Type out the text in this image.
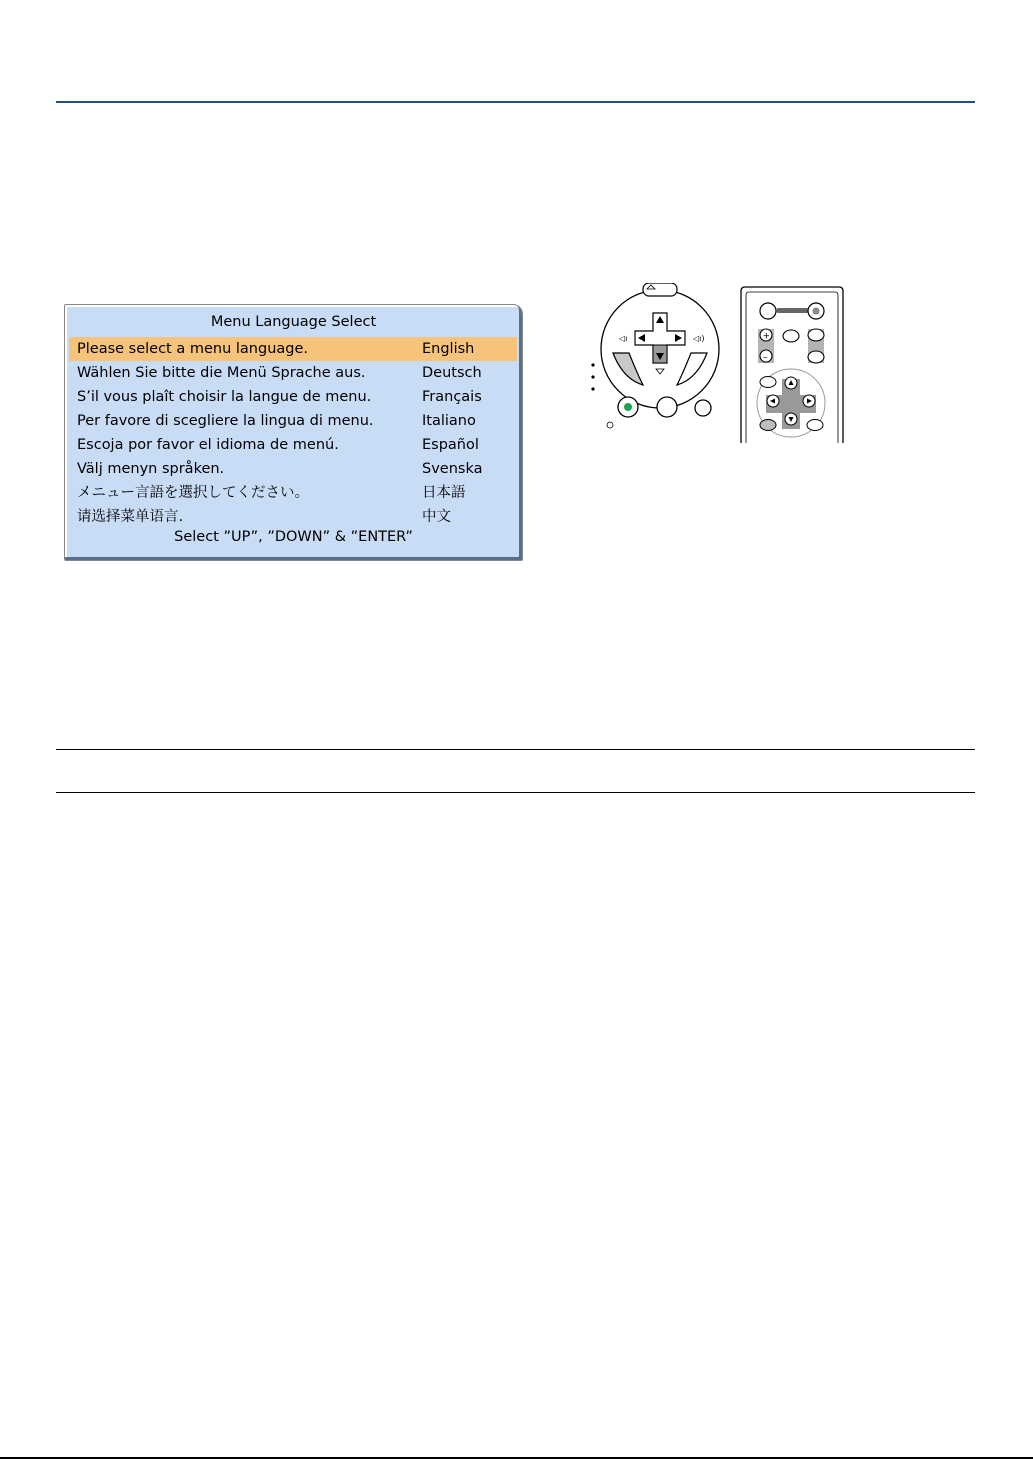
Menu Language Select
Please select a menu language.	English
Wählen Sie bitte die Menü Sprache aus.	Deutsch
S’il vous plaît choisir la langue de menu.	Français
Per favore di scegliere la lingua di menu.	Italiano
Escoja por favor el idioma de menú.	Español
Välj menyn språken.	Svenska
メニュー言語を選択してください。	日本語
请选择菜单语言.	中文
Select ”UP”, ”DOWN” & ”ENTER”
◁ı	◁ı)	+
–
